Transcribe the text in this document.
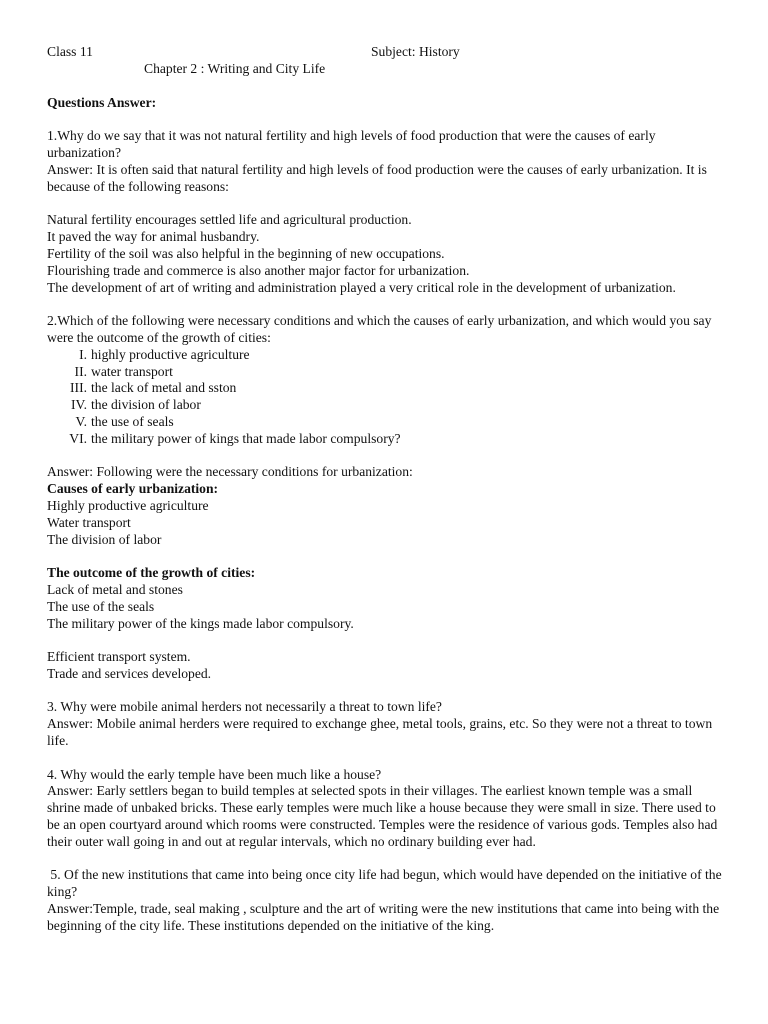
Class 11	Subject: History
Chapter 2 : Writing and City Life

Questions Answer:

1.Why do we say that it was not natural fertility and high levels of food production that were the causes of early urbanization?

Answer: It is often said that natural fertility and high levels of food production were the causes of early urbanization. It is because of the following reasons:

Natural fertility encourages settled life and agricultural production.

It paved the way for animal husbandry.

Fertility of the soil was also helpful in the beginning of new occupations.

Flourishing trade and commerce is also another major factor for urbanization.

The development of art of writing and administration played a very critical role in the development of urbanization.

2.Which of the following were necessary conditions and which the causes of early urbanization, and which would you say were the outcome of the growth of cities:

I. highly productive agriculture
II. water transport
III. the lack of metal and sston
IV. the division of labor
V. the use of seals
VI. the military power of kings that made labor compulsory?

Answer: Following were the necessary conditions for urbanization:

Causes of early urbanization:

Highly productive agriculture

Water transport

The division of labor

The outcome of the growth of cities:

Lack of metal and stones

The use of the seals

The military power of the kings made labor compulsory.

Efficient transport system.

Trade and services developed.

3. Why were mobile animal herders not necessarily a threat to town life?

Answer: Mobile animal herders were required to exchange ghee, metal tools, grains, etc. So they were not a threat to town life.

4. Why would the early temple have been much like a house?

Answer: Early settlers began to build temples at selected spots in their villages. The earliest known temple was a small shrine made of unbaked bricks. These early temples were much like a house because they were small in size. There used to be an open courtyard around which rooms were constructed. Temples were the residence of various gods. Temples also had their outer wall going in and out at regular intervals, which no ordinary building ever had.

5. Of the new institutions that came into being once city life had begun, which would have depended on the initiative of the king?

Answer:Temple, trade, seal making , sculpture and the art of writing were the new institutions that came into being with the beginning of the city life. These institutions depended on the initiative of the king.
